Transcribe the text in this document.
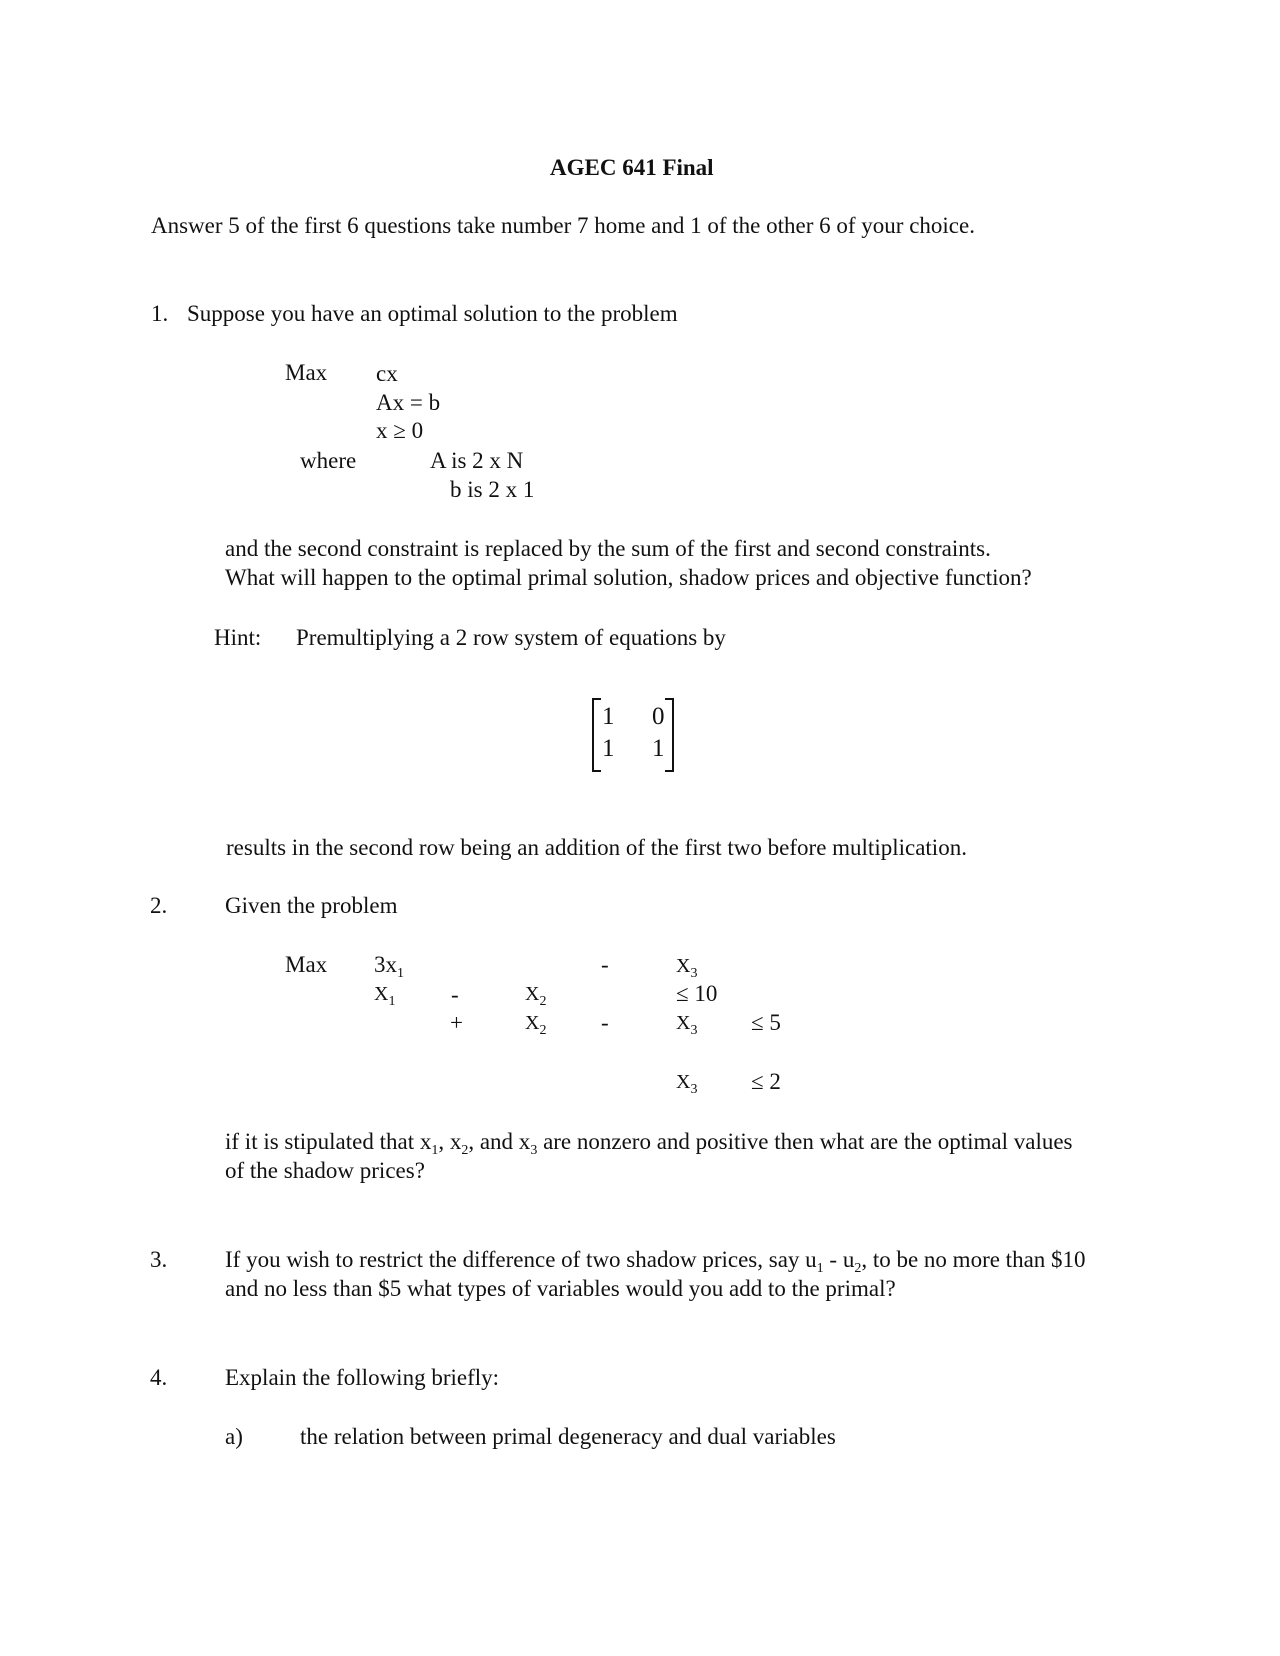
AGEC 641 Final
Answer 5 of the first 6 questions take number 7 home and 1 of the other 6 of your choice.
1. Suppose you have an optimal solution to the problem
Max cx
Ax = b
x ≥ 0
where	A is 2 x N
b is 2 x 1
and the second constraint is replaced by the sum of the first and second constraints.
What will happen to the optimal primal solution, shadow prices and objective function?
Hint: Premultiplying a 2 row system of equations by
1 0
1 1
results in the second row being an addition of the first two before multiplication.
2.	Given the problem
Max $3x_1$	-	$X_3$
$X_1$ -	$X_2$	≤ 10
+	$X_2$ -	$X_3 \le 5$
$X_3 \le 2$
if it is stipulated that $x_1$, $x_2$, and $x_3$ are nonzero and positive then what are the optimal values
of the shadow prices?
3.	If you wish to restrict the difference of two shadow prices, say $u_1 - u_2$, to be no more than $10
and no less than $5 what types of variables would you add to the primal?
4.	Explain the following briefly:
a) the relation between primal degeneracy and dual variables
